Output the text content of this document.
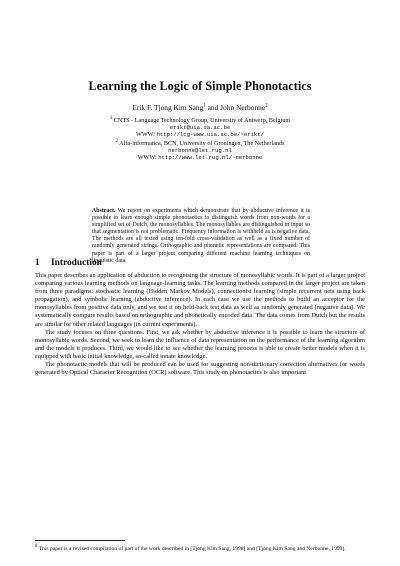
Learning the Logic of Simple Phonotactics
Erik F. Tjong Kim Sang$^1$ and John Nerbonne$^2$
$^1$ CNTS - Language Technology Group, University of Antwerp, Belgium
erikt@uia.ua.ac.be
WWW: http://lcg-www.uia.ac.be/~erikt/
$^2$ Alfa-informatica, BCN, University of Groningen, The Netherlands
nerbonne@let.rug.nl
WWW: http://www.let.rug.nl/~nerbonne
Abstract. We report on experiments which demonstrate that by abductive inference it is possible to learn enough simple phonotactics to distinguish words from non-words for a simplified set of Dutch, the monosyllables. The monosyllables are distinguished in input so that segmentation is not problematic. Frequency information is withheld as is negative data. The methods are all tested using ten-fold cross-validation as well as a fixed number of randomly generated strings. Orthographic and phonetic representations are compared. This paper is part of a larger project comparing different machine learning techniques on linguistic data.
1 Introduction

This paper describes an application of abduction to recognising the structure of monosyllabic words. It is part of a larger project comparing various learning methods on language-learning tasks. The learning methods compared in the larger project are taken from three paradigms: stochastic learning (Hidden Markov Models), connectionist learning (simple recurrent nets using back propagation), and symbolic learning (abductive inference). In each case we use the methods to build an acceptor for the monosyllables from positive data only, and we test it on held-back test data as well as randomly generated (negative data). We systematically compare results based on orthographic and phonetically encoded data. The data comes from Dutch but the results are similar for other related languages (in current experiments).

The study focuses on three questions. First, we ask whether by abductive inference it is possible to learn the structure of monosyllabic words. Second, we seek to learn the influence of data representation on the performance of the learning algorithm and the models it produces. Third, we would like to see whether the learning process is able to create better models when it is equipped with basic initial knowledge, so-called innate knowledge.

The phonotactic models that will be produced can be used for suggesting non-dictionary correction alternatives for words generated by Optical Character Recognition (OCR) software. This study on phonotactics is also important

$^0$ This paper is a revised compilation of part of the work described in [Tjong Kim Sang, 1998] and [Tjong Kim Sang and Nerbonne, 1999].
